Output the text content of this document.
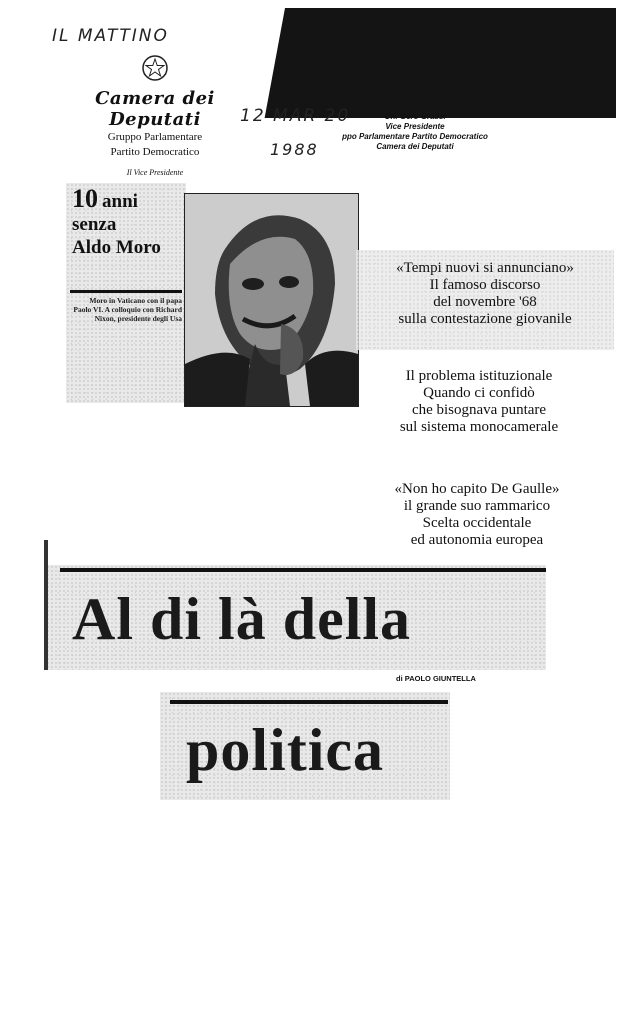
IL MATTINO
Camera dei Deputati
Gruppo Parlamentare
Partito Democratico
Il Vice Presidente
12 MAR 20
1988
On. Gero Grassi
Vice Presidente
ppo Parlamentare Partito Democratico
Camera dei Deputati
10 anni
senza
Aldo Moro
Moro in Vaticano con il papa Paolo VI. A colloquio con Richard Nixon, presidente degli Usa
«Tempi nuovi si annunciano»
Il famoso discorso
del novembre '68
sulla contestazione giovanile
Il problema istituzionale
Quando ci confidò
che bisognava puntare
sul sistema monocamerale
«Non ho capito De Gaulle»
il grande suo rammarico
Scelta occidentale
ed autonomia europea
Al di là della
di PAOLO GIUNTELLA
politica
